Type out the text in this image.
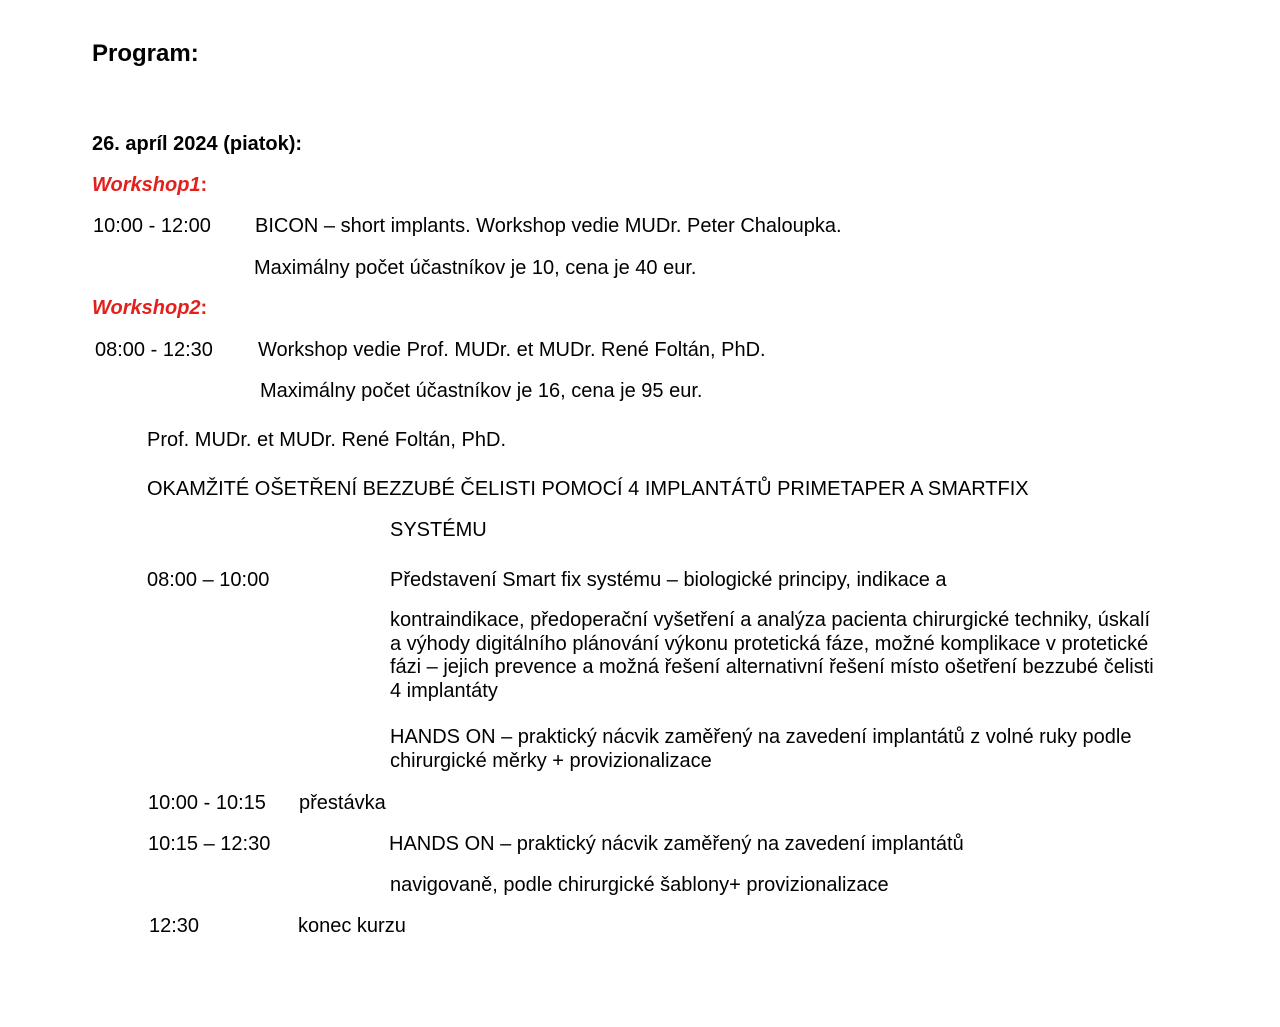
Program:
26. apríl 2024 (piatok):
Workshop1:
10:00 - 12:00 BICON – short implants. Workshop vedie MUDr. Peter Chaloupka.
Maximálny počet účastníkov je 10, cena je 40 eur.
Workshop2:
08:00 - 12:30 Workshop vedie Prof. MUDr. et MUDr. René Foltán, PhD.
Maximálny počet účastníkov je 16, cena je 95 eur.
Prof. MUDr. et MUDr. René Foltán, PhD.
OKAMŽITÉ OŠETŘENÍ BEZZUBÉ ČELISTI POMOCÍ 4 IMPLANTÁTŮ PRIMETAPER A SMARTFIX
SYSTÉMU
08:00 – 10:00	Představení Smart fix systému – biologické principy, indikace a
kontraindikace, předoperační vyšetření a analýza pacienta chirurgické techniky, úskalí a výhody digitálního plánování výkonu protetická fáze, možné komplikace v protetické fázi – jejich prevence a možná řešení alternativní řešení místo ošetření bezzubé čelisti 4 implantáty
HANDS ON – praktický nácvik zaměřený na zavedení implantátů z volné ruky podle chirurgické měrky + provizionalizace
10:00 - 10:15 přestávka
10:15 – 12:30	HANDS ON – praktický nácvik zaměřený na zavedení implantátů
navigovaně, podle chirurgické šablony+ provizionalizace
12:30	konec kurzu
